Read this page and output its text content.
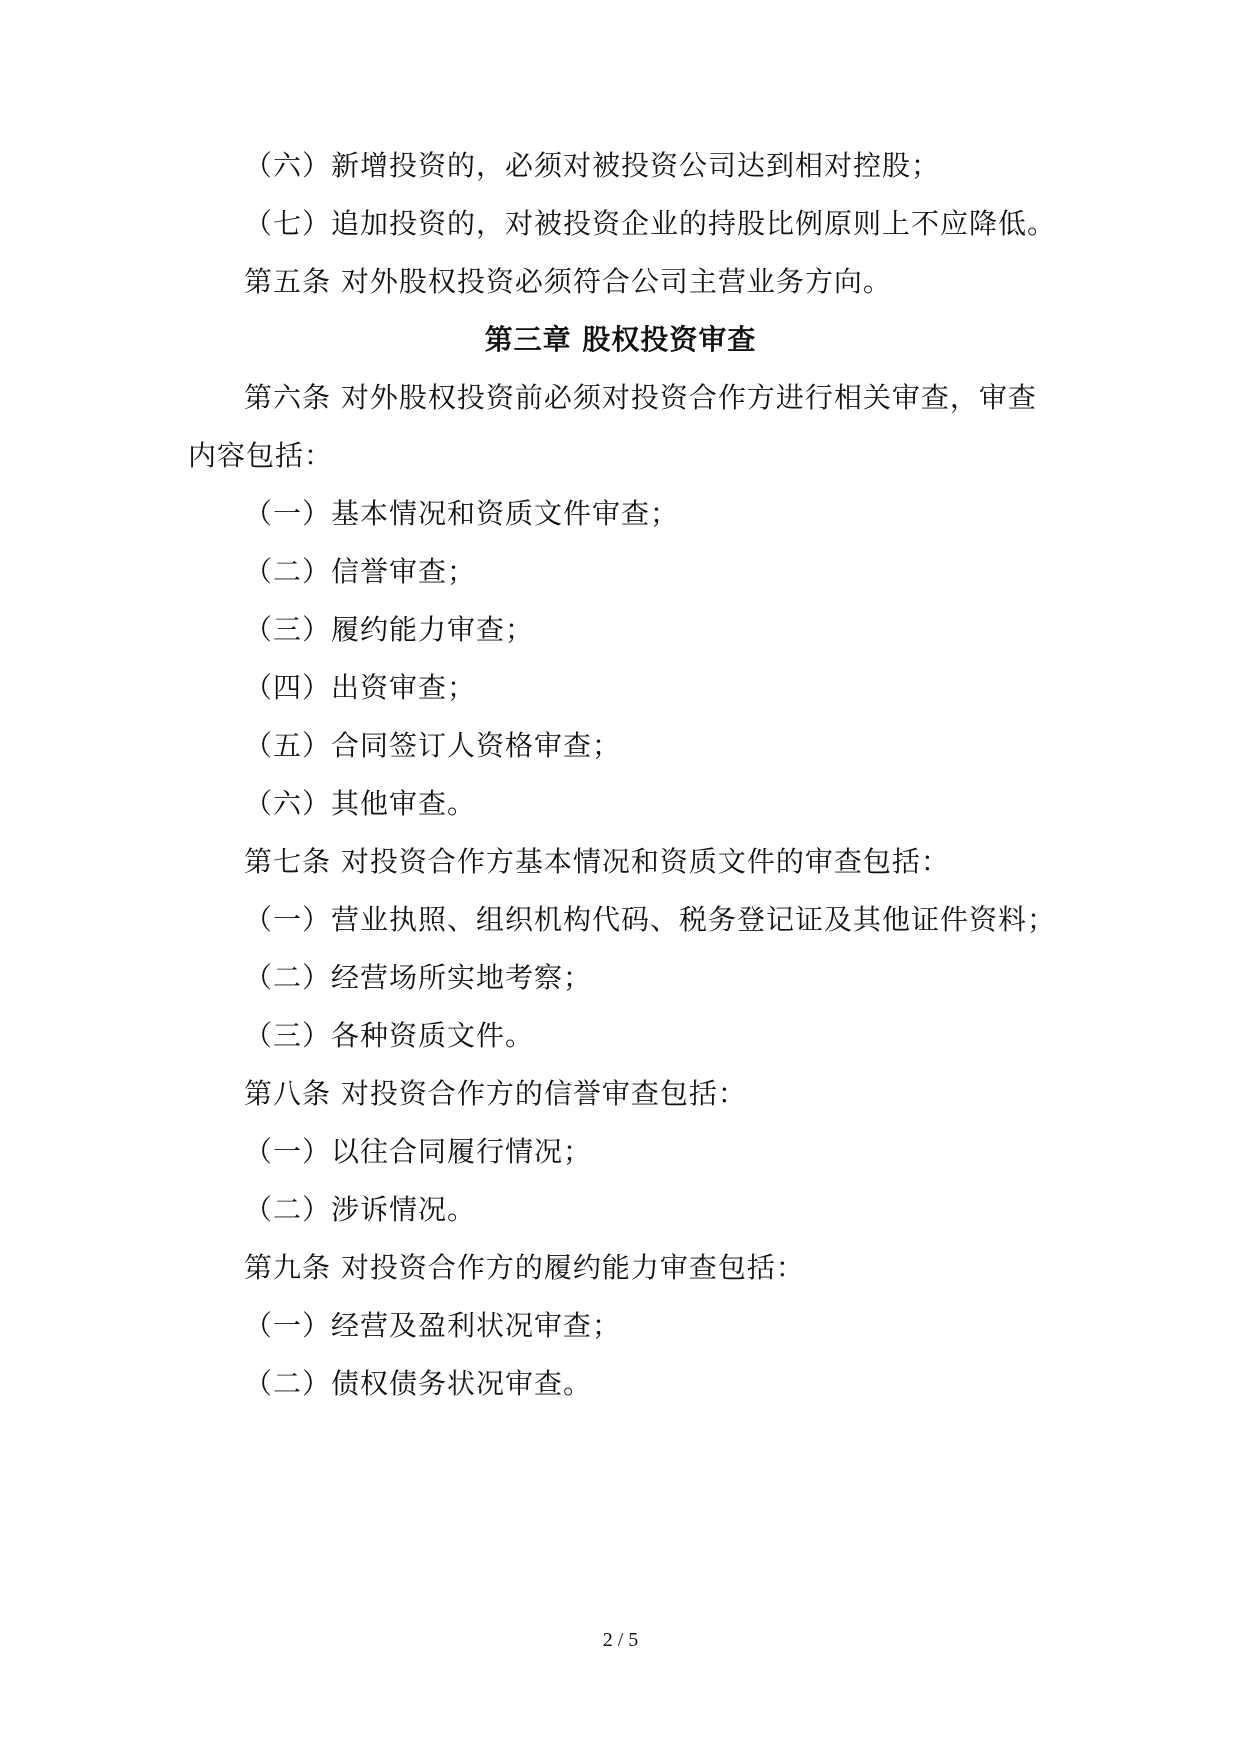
（六）新增投资的，必须对被投资公司达到相对控股；
（七）追加投资的，对被投资企业的持股比例原则上不应降低。
第五条 对外股权投资必须符合公司主营业务方向。
第三章 股权投资审查
第六条 对外股权投资前必须对投资合作方进行相关审查，审查
内容包括：
（一）基本情况和资质文件审查；
（二）信誉审查；
（三）履约能力审查；
（四）出资审查；
（五）合同签订人资格审查；
（六）其他审查。
第七条 对投资合作方基本情况和资质文件的审查包括：
（一）营业执照、组织机构代码、税务登记证及其他证件资料；
（二）经营场所实地考察；
（三）各种资质文件。
第八条 对投资合作方的信誉审查包括：
（一）以往合同履行情况；
（二）涉诉情况。
第九条 对投资合作方的履约能力审查包括：
（一）经营及盈利状况审查；
（二）债权债务状况审查。
2 / 5
